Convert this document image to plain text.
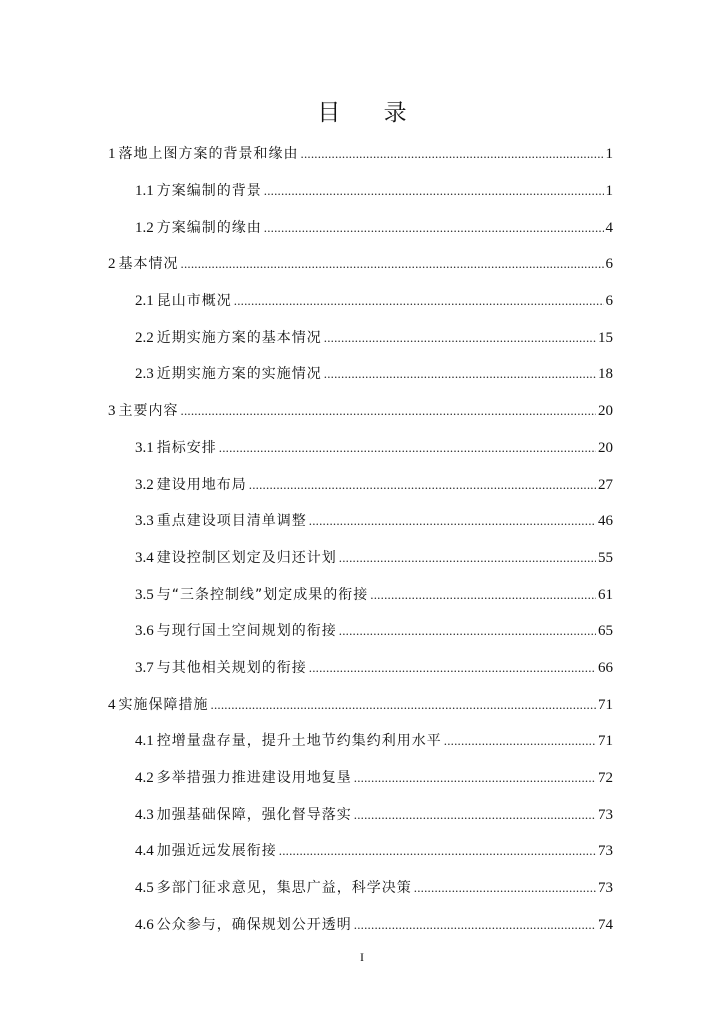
目 录
1 落地上图方案的背景和缘由 .....	1
1.1 方案编制的背景 .....	1
1.2 方案编制的缘由 .....	4
2 基本情况 .....	6
2.1 昆山市概况 .....	6
2.2 近期实施方案的基本情况 .....	15
2.3 近期实施方案的实施情况 .....	18
3 主要内容 .....	20
3.1 指标安排 .....	20
3.2 建设用地布局 .....	27
3.3 重点建设项目清单调整 .....	46
3.4 建设控制区划定及归还计划 .....	55
3.5 与“三条控制线”划定成果的衔接 .....	61
3.6 与现行国土空间规划的衔接 .....	65
3.7 与其他相关规划的衔接 .....	66
4 实施保障措施 .....	71
4.1 控增量盘存量，提升土地节约集约利用水平 .....	71
4.2 多举措强力推进建设用地复垦 .....	72
4.3 加强基础保障，强化督导落实 .....	73
4.4 加强近远发展衔接 .....	73
4.5 多部门征求意见，集思广益，科学决策 .....	73
4.6 公众参与，确保规划公开透明 .....	74
I
